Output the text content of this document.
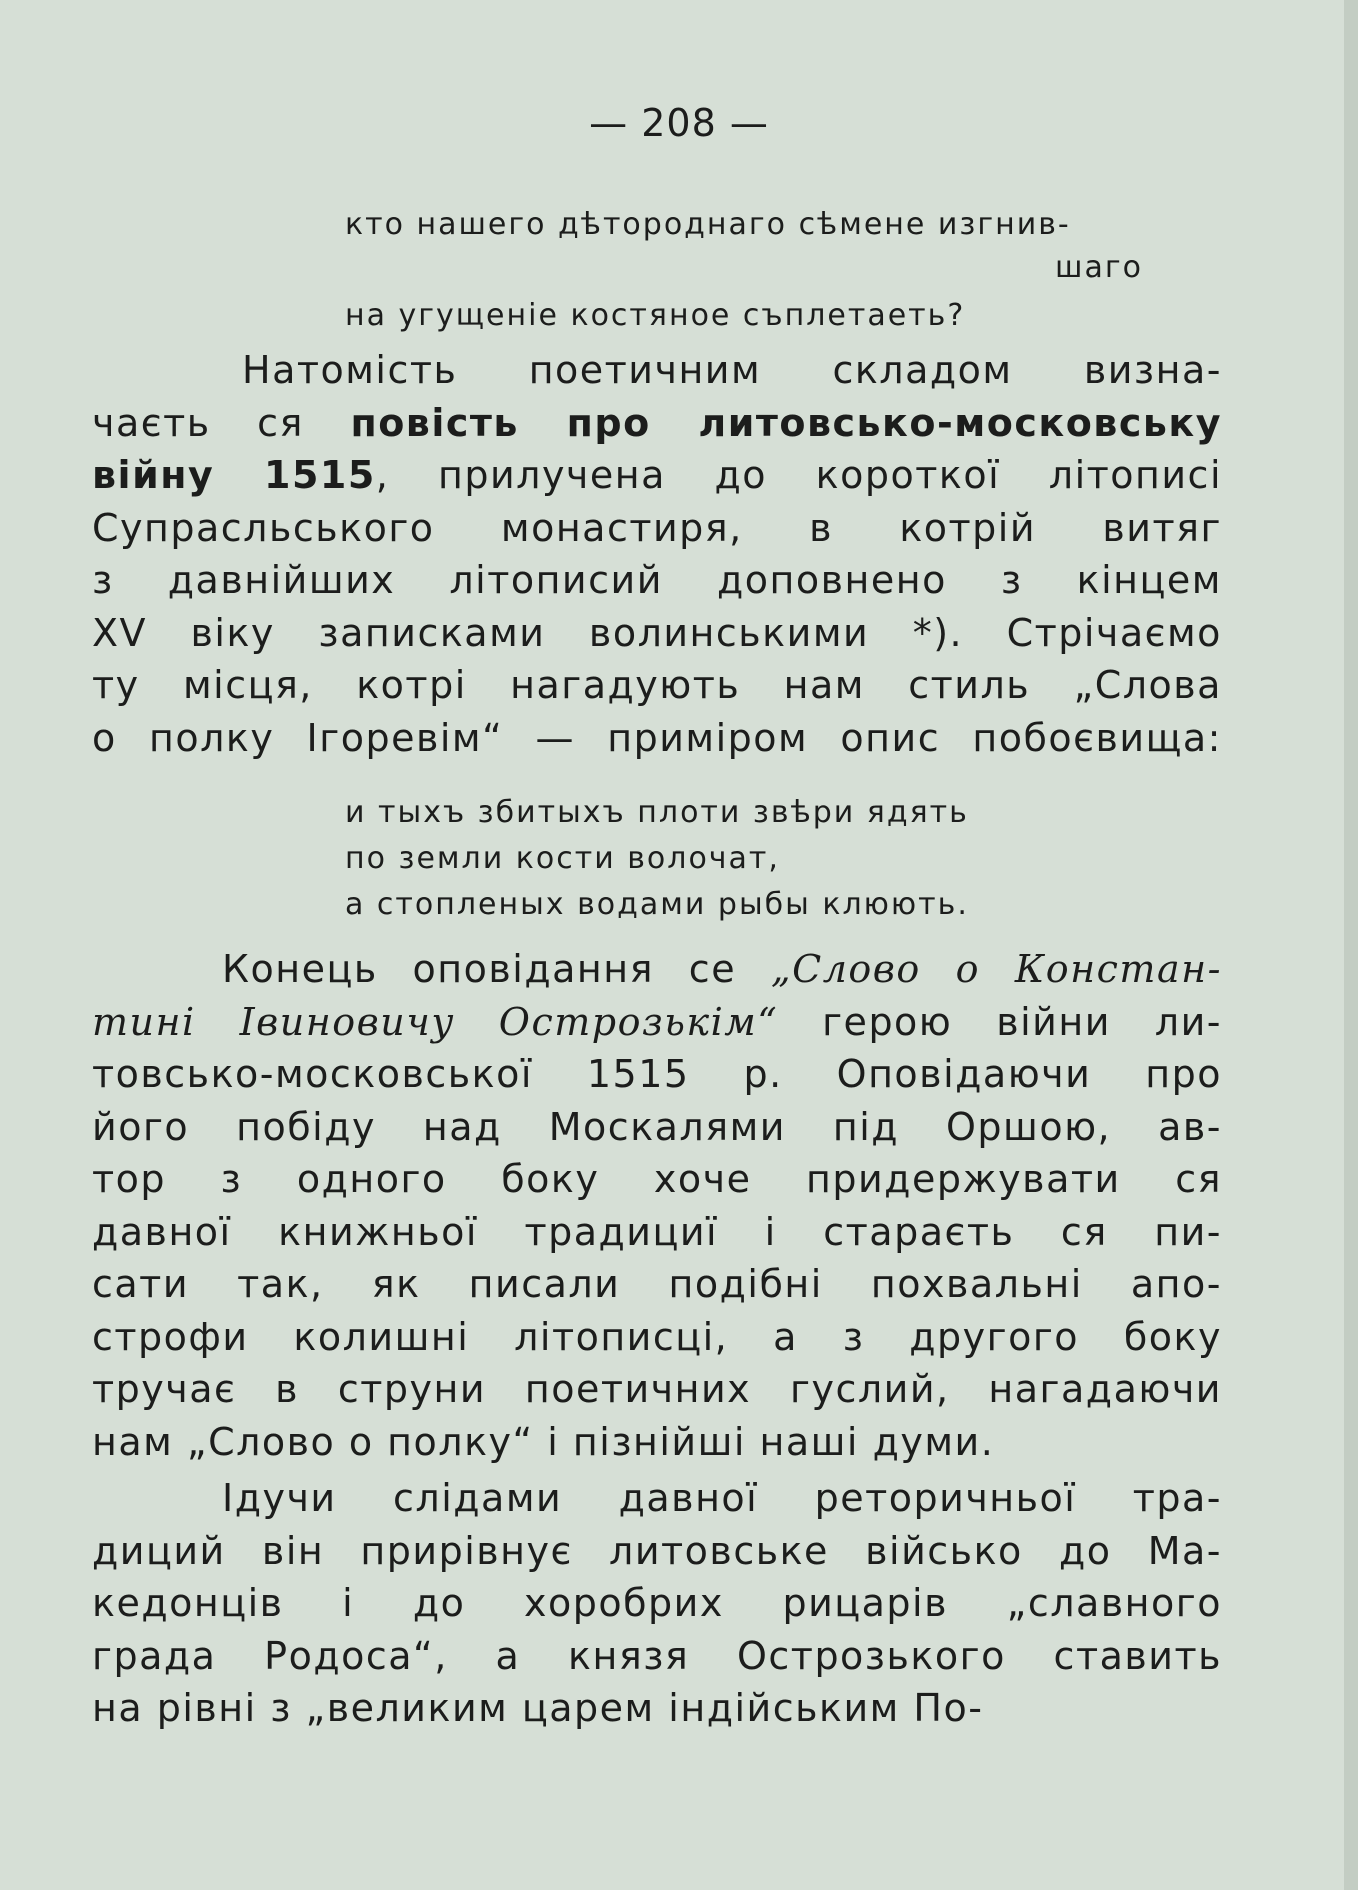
— 208 —
кто нашего дѣтороднаго сѣмене изгнив-
шаго
на угущеніе костяное съплетаеть?
Натомість поетичним складом визна-
чаєть ся повість про литовсько-московську
війну 1515, прилучена до короткої літописі
Супрасльського монастиря, в котрій витяг
з давнійших літописий доповнено з кінцем
XV віку записками волинськими *). Стрічаємо
ту місця, котрі нагадують нам стиль „Слова
о полку Ігоревім“ — приміром опис побоєвища:
и тыхъ збитыхъ плоти звѣри ядять
по земли кости волочат,
а стопленых водами рыбы клюють.
Конець оповідання се „Слово о Констан-
тині Івиновичу Острозькім“ герою війни ли-
товсько-московської 1515 р. Оповідаючи про
його побіду над Москалями під Оршою, ав-
тор з одного боку хоче придержувати ся
давної книжньої традициї і стараєть ся пи-
сати так, як писали подібні похвальні апо-
строфи колишні літописці, а з другого боку
тручає в струни поетичних гуслий, нагадаючи
нам „Слово о полку“ і пізнійші наші думи.
Ідучи слідами давної реторичньої тра-
диций він прирівнує литовське військо до Ма-
кедонців і до хоробрих рицарів „славного
града Родоса“, а князя Острозького ставить
на рівні з „великим царем індійським По-
